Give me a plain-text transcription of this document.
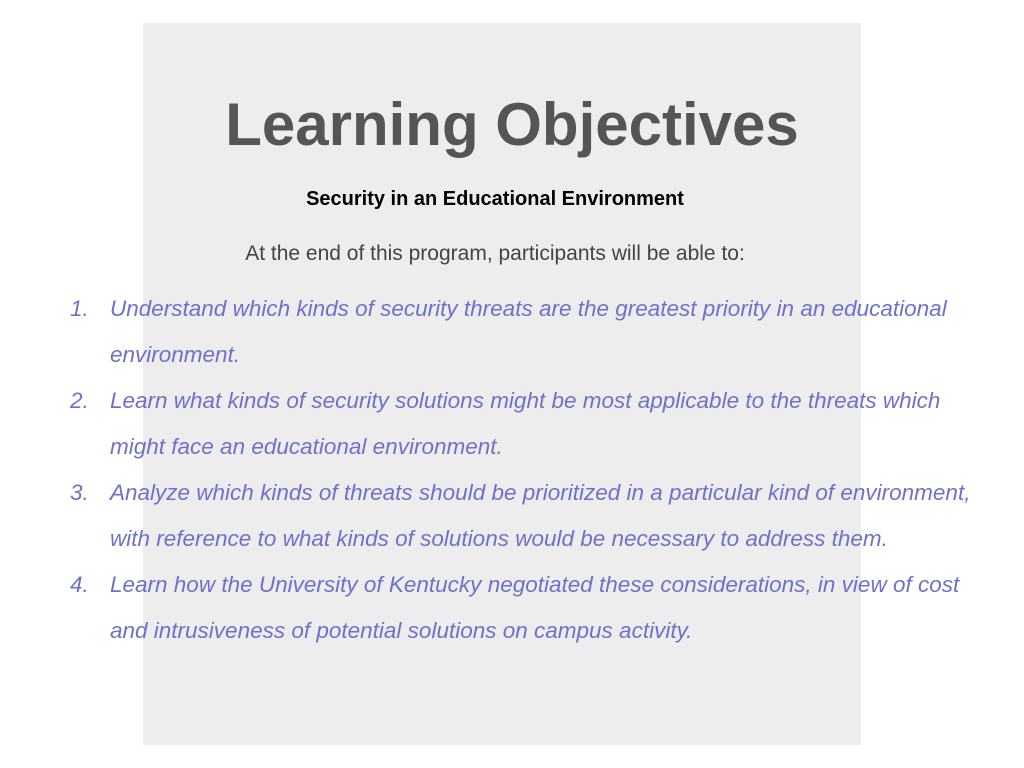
Learning Objectives
Security in an Educational Environment
At the end of this program, participants will be able to:
1. Understand which kinds of security threats are the greatest priority in an educational environment.
2. Learn what kinds of security solutions might be most applicable to the threats which might face an educational environment.
3. Analyze which kinds of threats should be prioritized in a particular kind of environment, with reference to what kinds of solutions would be necessary to address them.
4. Learn how the University of Kentucky negotiated these considerations, in view of cost and intrusiveness of potential solutions on campus activity.
